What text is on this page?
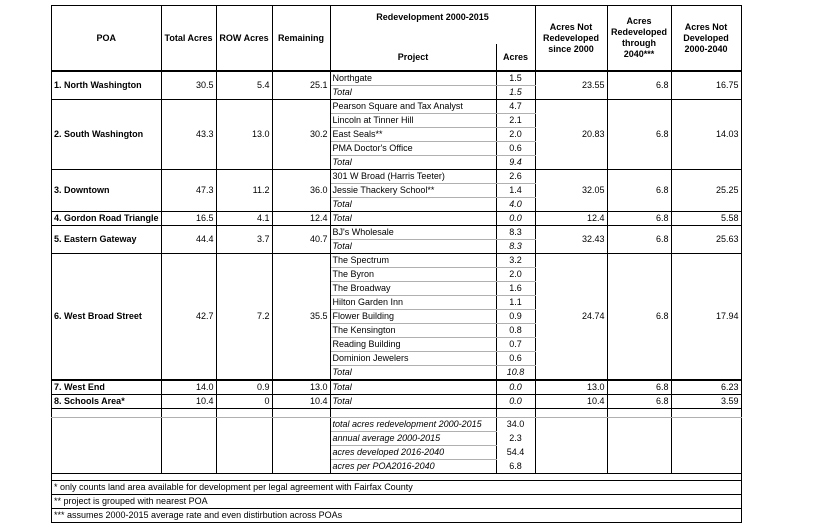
POA	Total Acres	ROW Acres	Remaining	Redevelopment 2000-2015		Acres Not Redeveloped since 2000	Acres Redeveloped through 2040***	Acres Not Developed 2000-2040
				Project	Acres			
1. North Washington	30.5	5.4	25.1	Northgate	1.5	23.55	6.8	16.75
				Total	1.5			
2. South Washington	43.3	13.0	30.2	Pearson Square and Tax Analyst	4.7	20.83	6.8	14.03
				Lincoln at Tinner Hill	2.1			
				East Seals**	2.0			
				PMA Doctor's Office	0.6			
				Total	9.4			
3. Downtown	47.3	11.2	36.0	301 W Broad (Harris Teeter)	2.6	32.05	6.8	25.25
				Jessie Thackery School**	1.4			
				Total	4.0			
4. Gordon Road Triangle	16.5	4.1	12.4	Total	0.0	12.4	6.8	5.58
5. Eastern Gateway	44.4	3.7	40.7	BJ's Wholesale	8.3	32.43	6.8	25.63
				Total	8.3			
6. West Broad Street	42.7	7.2	35.5	The Spectrum	3.2	24.74	6.8	17.94
				The Byron	2.0			
				The Broadway	1.6			
				Hilton Garden Inn	1.1			
				Flower Building	0.9			
				The Kensington	0.8			
				Reading Building	0.7			
				Dominion Jewelers	0.6			
				Total	10.8			
7. West End	14.0	0.9	13.0	Total	0.0	13.0	6.8	6.23
8. Schools Area*	10.4	0	10.4	Total	0.0	10.4	6.8	3.59

				total acres redevelopment 2000-2015	34.0			
				annual average 2000-2015	2.3			
				acres developed 2016-2040	54.4			
				acres per POA2016-2040	6.8			

* only counts land area available for development per legal agreement with Fairfax County								
** project is grouped with nearest POA								
*** assumes 2000-2015 average rate and even distirbution across POAs								
